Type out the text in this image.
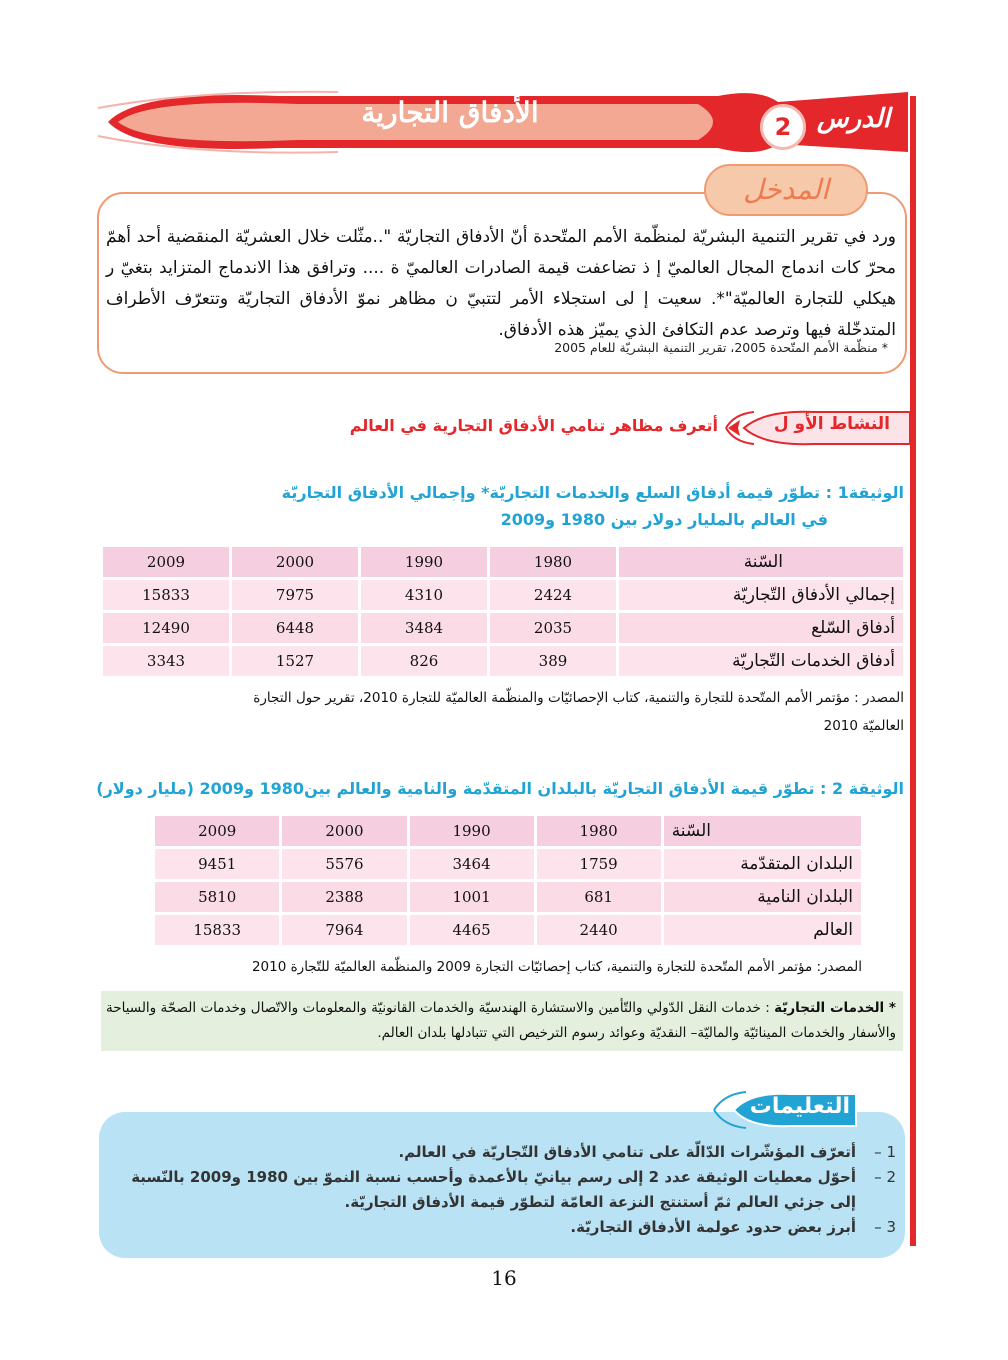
الدرس
2
الأدفاق التجارية
المدخل
ورد في تقرير التنمية البشريّة لمنظّمة الأمم المتّحدة أنّ الأدفاق التجاريّة "..مثّلت خلال العشريّة المنقضية أحد أهمّ محرّ كات اندماج المجال العالميّ إ ذ تضاعفت قيمة الصادرات العالميّ ة .... وترافق هذا الاندماج المتزايد بتغيّ ر هيكلي للتجارة العالميّة"*. سعيت إ لى استجلاء الأمر لتتبيّ ن مظاهر نموّ الأدفاق التجاريّة وتتعرّف الأطراف المتدخّلة فيها وترصد عدم التكافئ الذي يميّز هذه الأدفاق.
* منظّمة الأمم المتّحدة 2005، تقرير التنمية البشريّة للعام 2005
النشاط الأو ل
أتعرف مظاهر تنامي الأدفاق التجارية في العالم
الوثيقة1 : تطوّر قيمة أدفاق السلع والخدمات التجاريّة* وإجمالي الأدفاق التجاريّة
في العالم بالمليار دولار بين 1980 و2009
السّنة	1980	1990	2000	2009
إجمالي الأدفاق التّجاريّة	2424	4310	7975	15833
أدفاق السّلع	2035	3484	6448	12490
أدفاق الخدمات التّجاريّة	389	826	1527	3343
المصدر : مؤتمر الأمم المتّحدة للتجارة والتنمية، كتاب الإحصائيّات والمنظّمة العالميّة للتجارة 2010، تقرير حول التجارة
العالميّة 2010
الوثيقة 2 : تطوّر قيمة الأدفاق التجاريّة بالبلدان المتقدّمة والنامية والعالم بين1980 و2009 (مليار دولار)
السّنة	1980	1990	2000	2009
البلدان المتقدّمة	1759	3464	5576	9451
البلدان النامية	681	1001	2388	5810
العالم	2440	4465	7964	15833
المصدر: مؤتمر الأمم المتّحدة للتجارة والتنمية، كتاب إحصائيّات التجارة 2009 والمنظّمة العالميّة للتّجارة 2010
* الخدمات التجاريّة : خدمات النقل الدّولي والتّأمين والاستشارة الهندسيّة والخدمات القانونيّة والمعلومات والاتّصال وخدمات الصحّة والسياحة والأسفار والخدمات المينائيّة والماليّة– النقديّة وعوائد رسوم الترخيص التي تتبادلها بلدان العالم.
التعليمات
1 –
أتعرّف المؤشّرات الدّالّة على تنامي الأدفاق التّجاريّة في العالم.
2 –
أحوّل معطيات الوثيقة عدد 2 إلى رسم بيانيّ بالأعمدة وأحسب نسبة النموّ بين 1980 و2009 بالنّسبة إلى جزئي العالم ثمّ أستنتج النزعة العامّة لتطوّر قيمة الأدفاق التجاريّة.
3 –
أبرز بعض حدود عولمة الأدفاق التجاريّة.
16
